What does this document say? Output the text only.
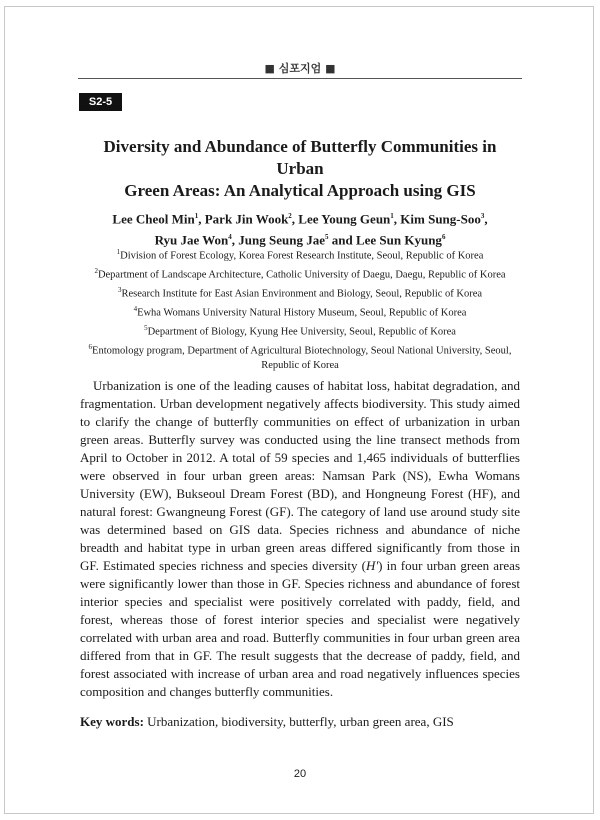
■ 심포지엄 ■
S2-5
Diversity and Abundance of Butterfly Communities in Urban
Green Areas: An Analytical Approach using GIS
Lee Cheol Min$^1$, Park Jin Wook$^2$, Lee Young Geun$^1$, Kim Sung-Soo$^3$,
Ryu Jae Won$^4$, Jung Seung Jae$^5$ and Lee Sun Kyung$^6$
$^1$Division of Forest Ecology, Korea Forest Research Institute, Seoul, Republic of Korea
$^2$Department of Landscape Architecture, Catholic University of Daegu, Daegu, Republic of Korea
$^3$Research Institute for East Asian Environment and Biology, Seoul, Republic of Korea
$^4$Ewha Womans University Natural History Museum, Seoul, Republic of Korea
$^5$Department of Biology, Kyung Hee University, Seoul, Republic of Korea
$^6$Entomology program, Department of Agricultural Biotechnology, Seoul National University, Seoul, Republic of Korea
Urbanization is one of the leading causes of habitat loss, habitat degradation, and fragmentation. Urban development negatively affects biodiversity. This study aimed to clarify the change of butterfly communities on effect of urbanization in urban green areas. Butterfly survey was conducted using the line transect methods from April to October in 2012. A total of 59 species and 1,465 individuals of butterflies were observed in four urban green areas: Namsan Park (NS), Ewha Womans University (EW), Bukseoul Dream Forest (BD), and Hongneung Forest (HF), and natural forest: Gwangneung Forest (GF). The category of land use around study site was determined based on GIS data. Species richness and abundance of niche breadth and habitat type in urban green areas differed significantly from those in GF. Estimated species richness and species diversity (H') in four urban green areas were significantly lower than those in GF. Species richness and abundance of forest interior species and specialist were positively correlated with paddy, field, and forest, whereas those of forest interior species and specialist were negatively correlated with urban area and road. Butterfly communities in four urban green area differed from that in GF. The result suggests that the decrease of paddy, field, and forest associated with increase of urban area and road negatively influences species composition and changes butterfly communities.
Key words: Urbanization, biodiversity, butterfly, urban green area, GIS
20
